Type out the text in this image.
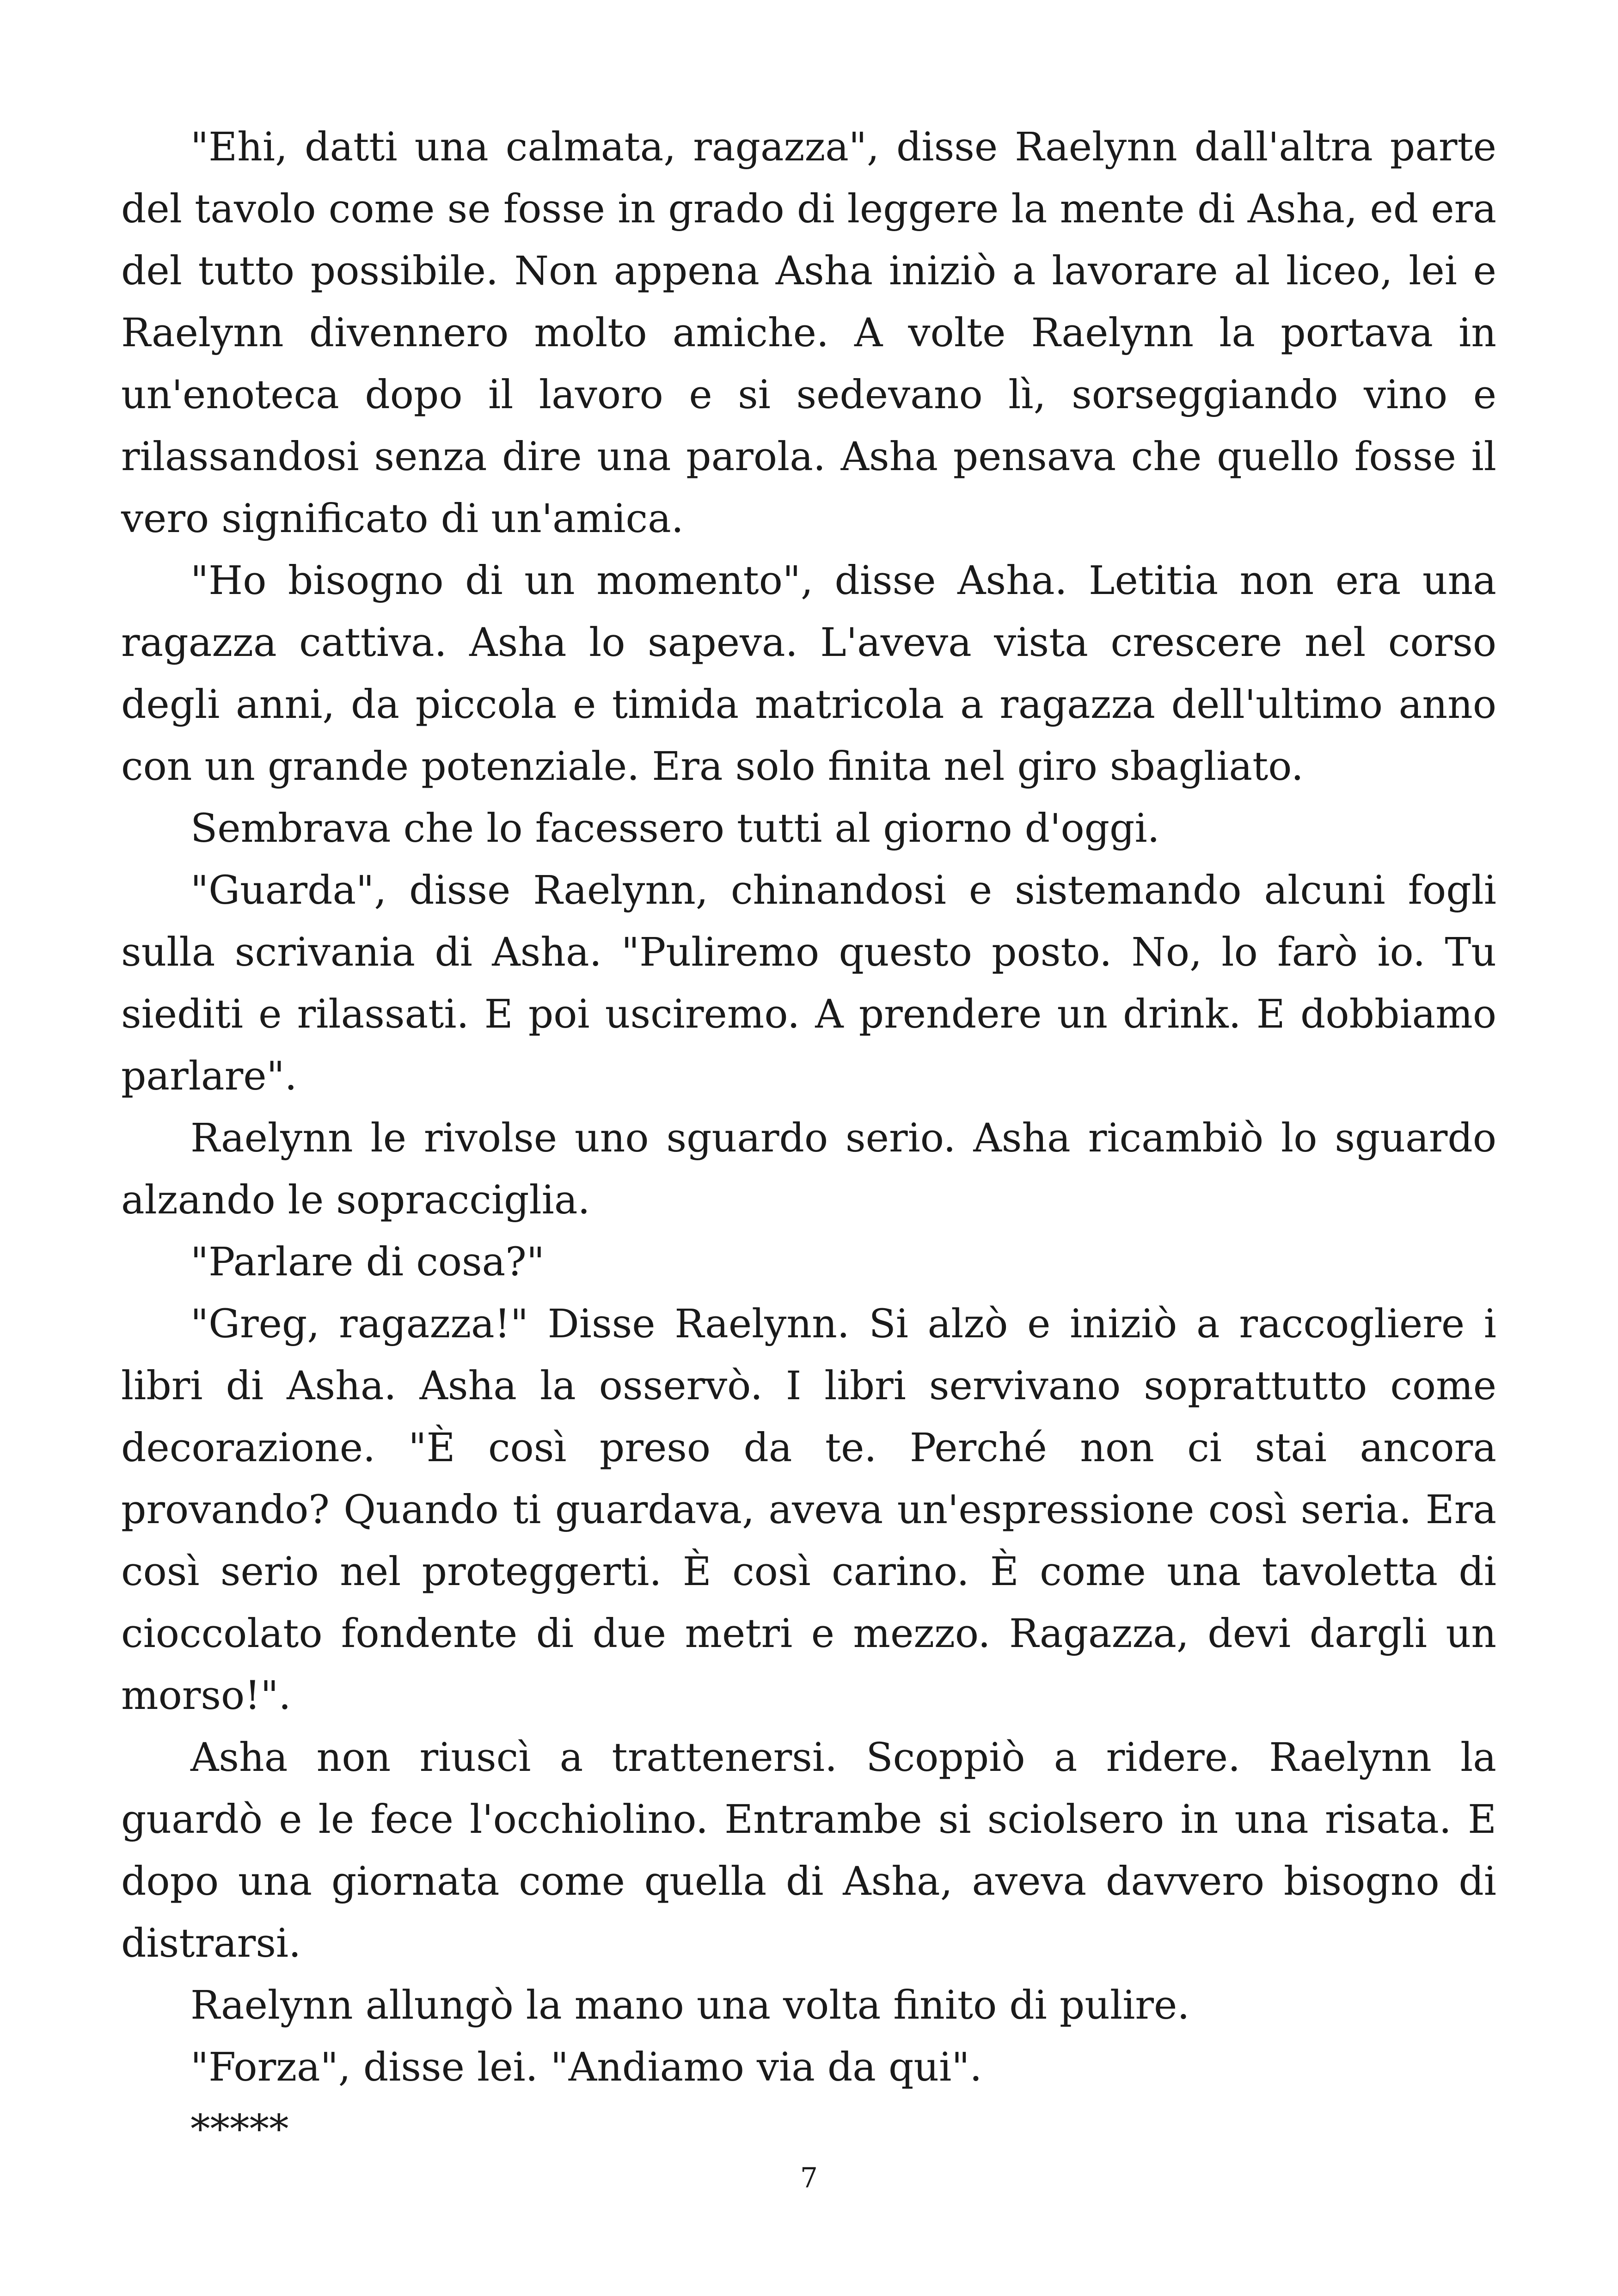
"Ehi, datti una calmata, ragazza", disse Raelynn dall'altra parte del tavolo come se fosse in grado di leggere la mente di Asha, ed era del tutto possibile. Non appena Asha iniziò a lavorare al liceo, lei e Raelynn divennero molto amiche. A volte Raelynn la portava in un'enoteca dopo il lavoro e si sedevano lì, sorseggiando vino e rilassandosi senza dire una parola. Asha pensava che quello fosse il vero significato di un'amica.

"Ho bisogno di un momento", disse Asha. Letitia non era una ragazza cattiva. Asha lo sapeva. L'aveva vista crescere nel corso degli anni, da piccola e timida matricola a ragazza dell'ultimo anno con un grande potenziale. Era solo finita nel giro sbagliato.

Sembrava che lo facessero tutti al giorno d'oggi.

"Guarda", disse Raelynn, chinandosi e sistemando alcuni fogli sulla scrivania di Asha. "Puliremo questo posto. No, lo farò io. Tu siediti e rilassati. E poi usciremo. A prendere un drink. E dobbiamo parlare".

Raelynn le rivolse uno sguardo serio. Asha ricambiò lo sguardo alzando le sopracciglia.

"Parlare di cosa?"

"Greg, ragazza!" Disse Raelynn. Si alzò e iniziò a raccogliere i libri di Asha. Asha la osservò. I libri servivano soprattutto come decorazione. "È così preso da te. Perché non ci stai ancora provando? Quando ti guardava, aveva un'espressione così seria. Era così serio nel proteggerti. È così carino. È come una tavoletta di cioccolato fondente di due metri e mezzo. Ragazza, devi dargli un morso!".

Asha non riuscì a trattenersi. Scoppiò a ridere. Raelynn la guardò e le fece l'occhiolino. Entrambe si sciolsero in una risata. E dopo una giornata come quella di Asha, aveva davvero bisogno di distrarsi.

Raelynn allungò la mano una volta finito di pulire.

"Forza", disse lei. "Andiamo via da qui".

*****

7
